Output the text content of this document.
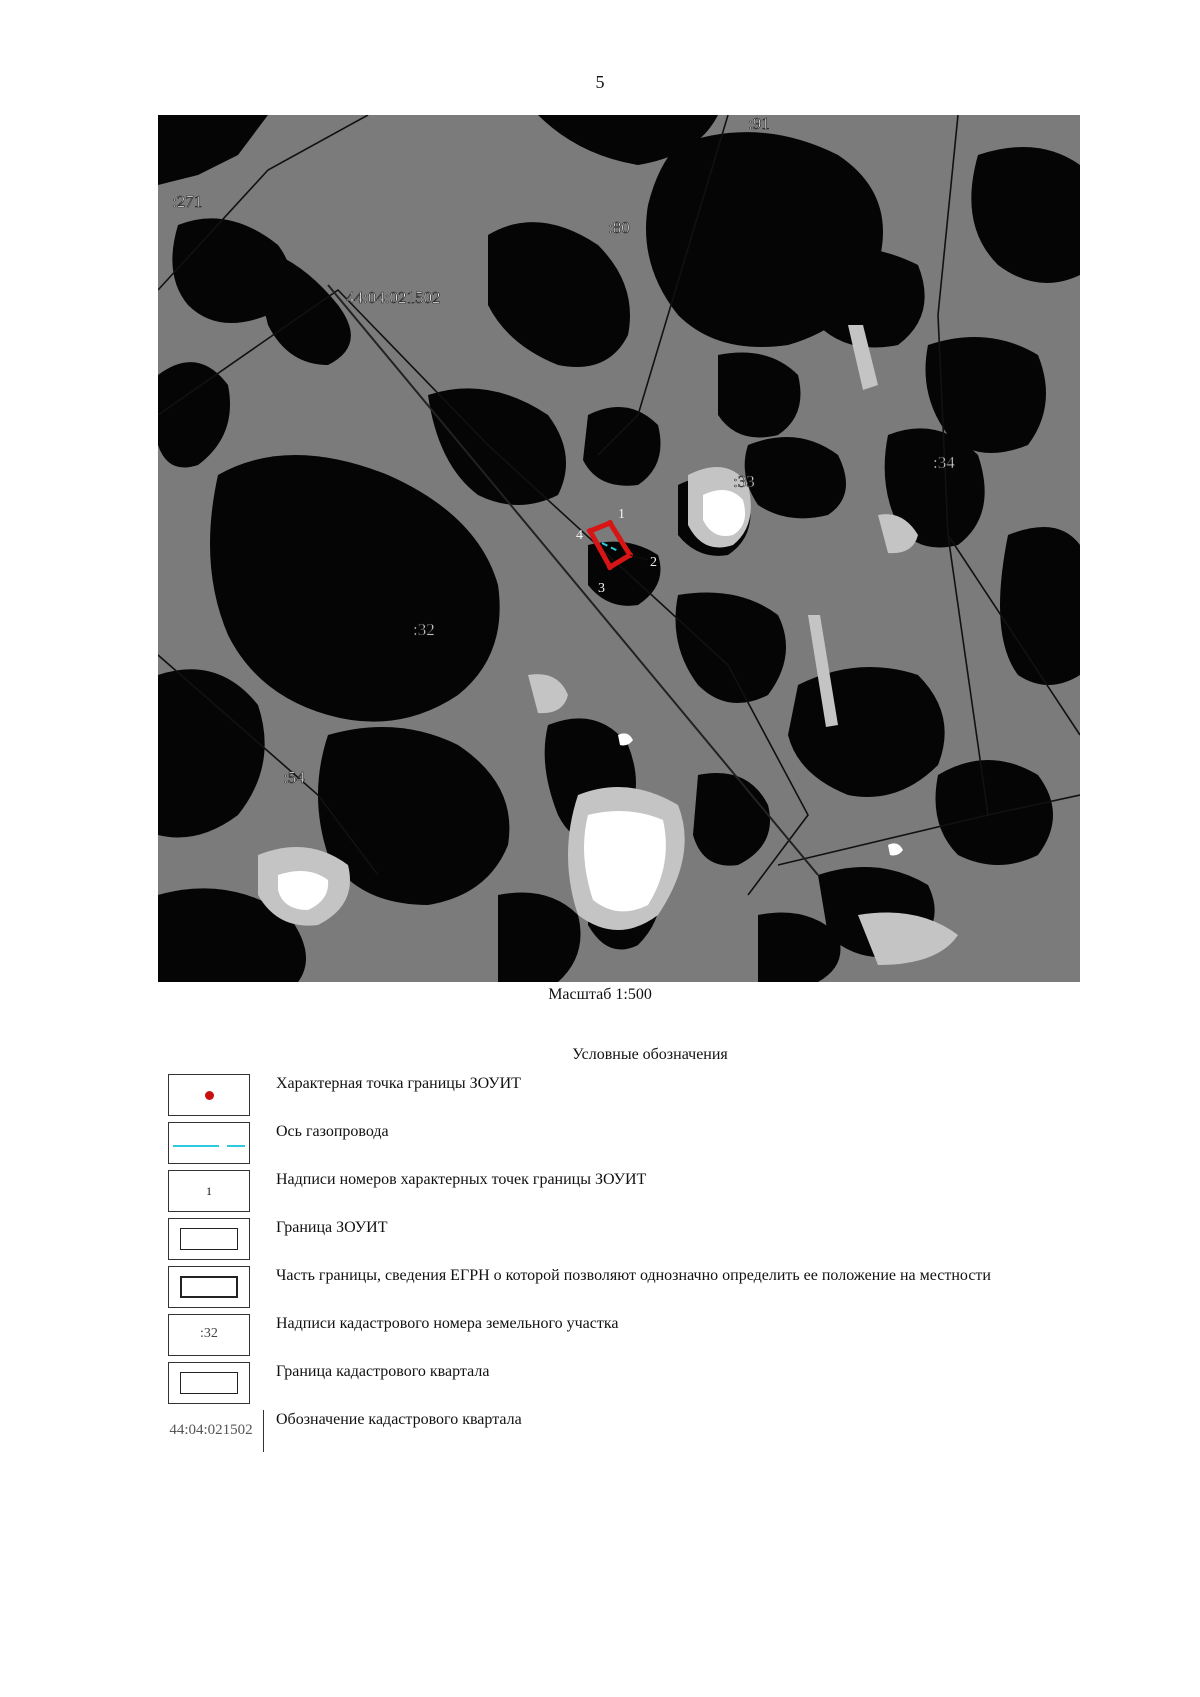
5
:271
:80
:91
:33
:34
:32
:54
44:04:021502
1
2
3
4
Масштаб 1:500
Условные обозначения
Характерная точка границы ЗОУИТ
Ось газопровода
1
Надписи номеров характерных точек границы ЗОУИТ
Граница ЗОУИТ
Часть границы, сведения ЕГРН о которой позволяют однозначно определить ее положение на местности
:32
Надписи кадастрового номера земельного участка
Граница кадастрового квартала
44:04:021502
Обозначение кадастрового квартала
